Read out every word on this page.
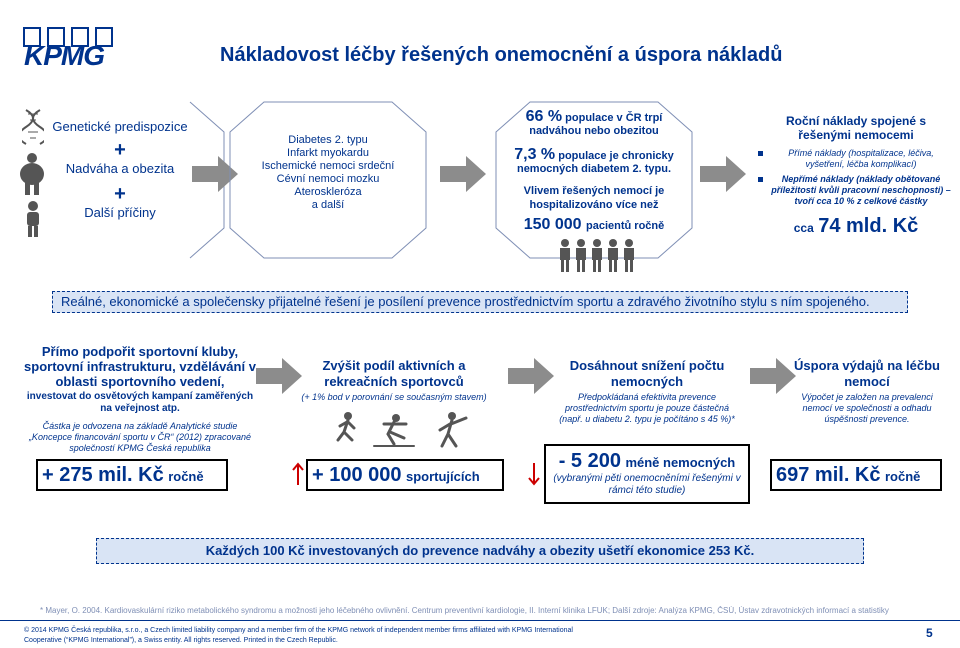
KPMG	Nákladovost léčby řešených onemocnění a úspora nákladů
Genetické predispozice
+
Nadváha a obezita
+
Další příčiny
Diabetes 2. typu
Infarkt myokardu
Ischemické nemoci srdeční
Cévní nemoci mozku
Ateroskleróza
a další
66 % populace v ČR trpí nadváhou nebo obezitou
7,3 % populace je chronicky nemocných diabetem 2. typu.
Vlivem řešených nemocí je hospitalizováno více než
150 000 pacientů ročně
Roční náklady spojené s řešenými nemocemi
Přímé náklady (hospitalizace, léčiva, vyšetření, léčba komplikací)
Nepřímé náklady (náklady obětované příležitosti kvůli pracovní neschopnosti) – tvoří cca 10 % z celkové částky
cca 74 mld. Kč
Reálné, ekonomické a společensky přijatelné řešení je posílení prevence prostřednictvím sportu a zdravého životního stylu s ním spojeného.
Přímo podpořit sportovní kluby, sportovní infrastrukturu, vzdělávání v oblasti sportovního vedení,
investovat do osvětových kampaní zaměřených na veřejnost atp.
Částka je odvozena na základě Analytické studie „Koncepce financování sportu v ČR“ (2012) zpracované společností KPMG Česká republika
+ 275 mil. Kč ročně
Zvýšit podíl aktivních a rekreačních sportovců
(+ 1% bod v porovnání se současným stavem)
+ 100 000 sportujících
Dosáhnout snížení počtu nemocných
Předpokládaná efektivita prevence prostřednictvím sportu je pouze částečná (např. u diabetu 2. typu je počítáno s 45 %)*
- 5 200 méně nemocných
(vybranými pěti onemocněními řešenými v rámci této studie)
Úspora výdajů na léčbu nemocí
Výpočet je založen na prevalenci nemocí ve společnosti a odhadu úspěšnosti prevence.
697 mil. Kč ročně
Každých 100 Kč investovaných do prevence nadváhy a obezity ušetří ekonomice 253 Kč.
* Mayer, O. 2004. Kardiovaskulární riziko metabolického syndromu a možnosti jeho léčebného ovlivnění. Centrum preventivní kardiologie, II. Interní klinika LFUK; Další zdroje: Analýza KPMG, ČSÚ, Ústav zdravotnických informací a statistiky
© 2014 KPMG Česká republika, s.r.o., a Czech limited liability company and a member firm of the KPMG network of independent member firms affiliated with KPMG International
Cooperative (“KPMG International”), a Swiss entity. All rights reserved. Printed in the Czech Republic.
5
